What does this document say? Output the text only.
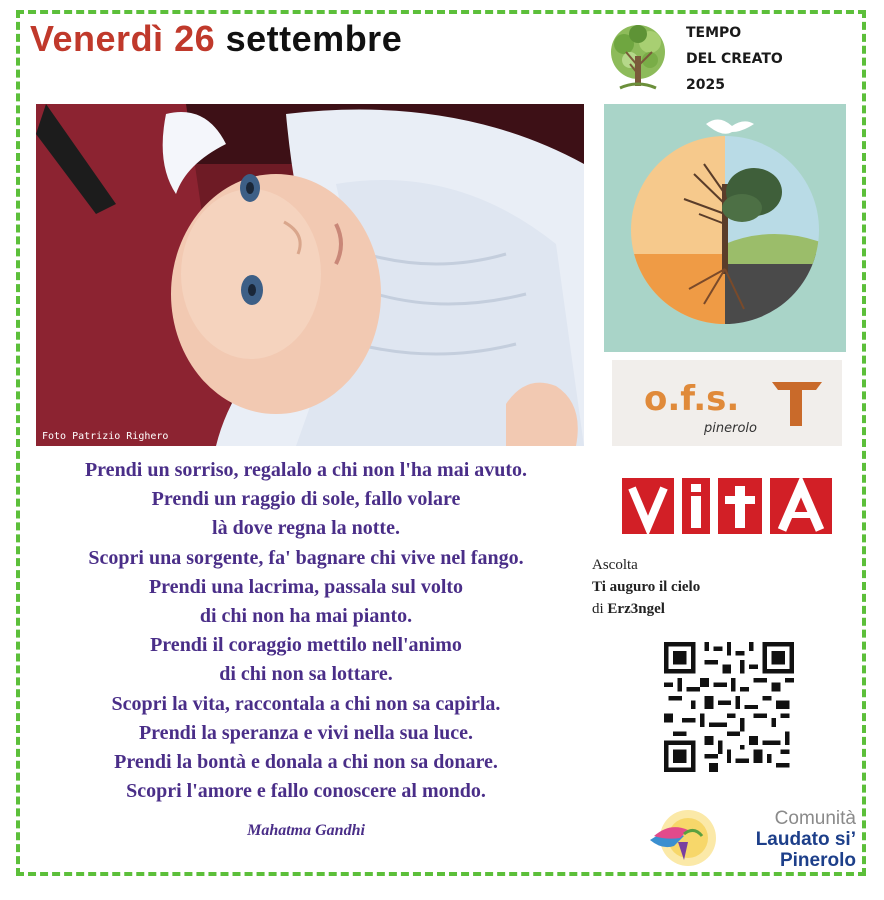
Venerdì 26 settembre	TEMPO
DEL CREATO
2025
Foto Patrizio Righero
o.f.s.
pinerolo
Ascolta
Ti auguro il cielo
di Erz3ngel
Prendi un sorriso, regalalo a chi non l'ha mai avuto.
Prendi un raggio di sole, fallo volare
là dove regna la notte.
Scopri una sorgente, fa' bagnare chi vive nel fango.
Prendi una lacrima, passala sul volto
di chi non ha mai pianto.
Prendi il coraggio mettilo nell'animo
di chi non sa lottare.
Scopri la vita, raccontala a chi non sa capirla.
Prendi la speranza e vivi nella sua luce.
Prendi la bontà e donala a chi non sa donare.
Scopri l'amore e fallo conoscere al mondo.
Mahatma Gandhi
Comunità
Laudato si’
Pinerolo
